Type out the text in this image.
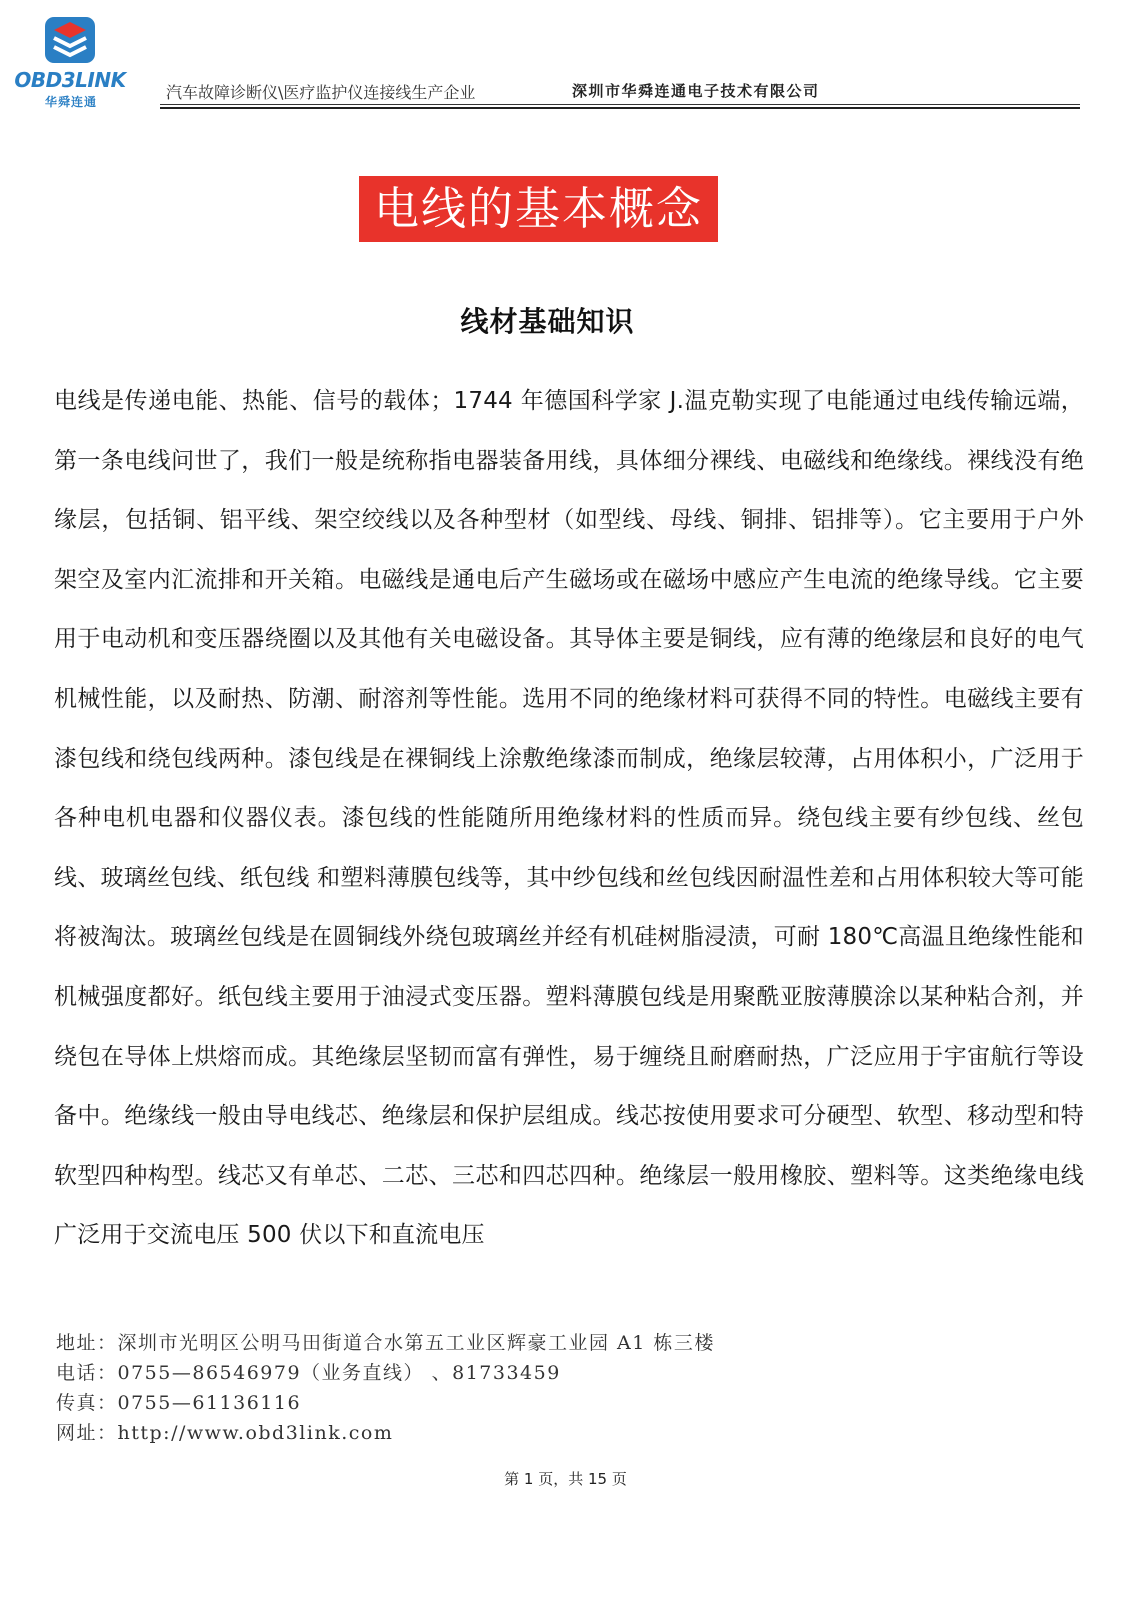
OBD3LINK
华舜连通	汽车故障诊断仪\医疗监护仪连接线生产企业	深圳市华舜连通电子技术有限公司
电线的基本概念
线材基础知识
电线是传递电能、热能、信号的载体；1744 年德国科学家 J.温克勒实现了电能通过电线传输远端，第一条电线问世了，我们一般是统称指电器装备用线，具体细分裸线、电磁线和绝缘线。裸线没有绝缘层，包括铜、铝平线、架空绞线以及各种型材（如型线、母线、铜排、铝排等）。它主要用于户外架空及室内汇流排和开关箱。电磁线是通电后产生磁场或在磁场中感应产生电流的绝缘导线。它主要用于电动机和变压器绕圈以及其他有关电磁设备。其导体主要是铜线，应有薄的绝缘层和良好的电气机械性能，以及耐热、防潮、耐溶剂等性能。选用不同的绝缘材料可获得不同的特性。电磁线主要有漆包线和绕包线两种。漆包线是在裸铜线上涂敷绝缘漆而制成，绝缘层较薄，占用体积小，广泛用于各种电机电器和仪器仪表。漆包线的性能随所用绝缘材料的性质而异。绕包线主要有纱包线、丝包线、玻璃丝包线、纸包线 和塑料薄膜包线等，其中纱包线和丝包线因耐温性差和占用体积较大等可能将被淘汰。玻璃丝包线是在圆铜线外绕包玻璃丝并经有机硅树脂浸渍，可耐 180℃高温且绝缘性能和机械强度都好。纸包线主要用于油浸式变压器。塑料薄膜包线是用聚酰亚胺薄膜涂以某种粘合剂，并绕包在导体上烘熔而成。其绝缘层坚韧而富有弹性，易于缠绕且耐磨耐热，广泛应用于宇宙航行等设备中。绝缘线一般由导电线芯、绝缘层和保护层组成。线芯按使用要求可分硬型、软型、移动型和特软型四种构型。线芯又有单芯、二芯、三芯和四芯四种。绝缘层一般用橡胶、塑料等。这类绝缘电线广泛用于交流电压 500 伏以下和直流电压
地址：深圳市光明区公明马田街道合水第五工业区辉豪工业园 A1 栋三楼
电话：0755—86546979（业务直线） 、81733459
传真：0755—61136116
网址：http://www.obd3link.com
第 1 页，共 15 页
